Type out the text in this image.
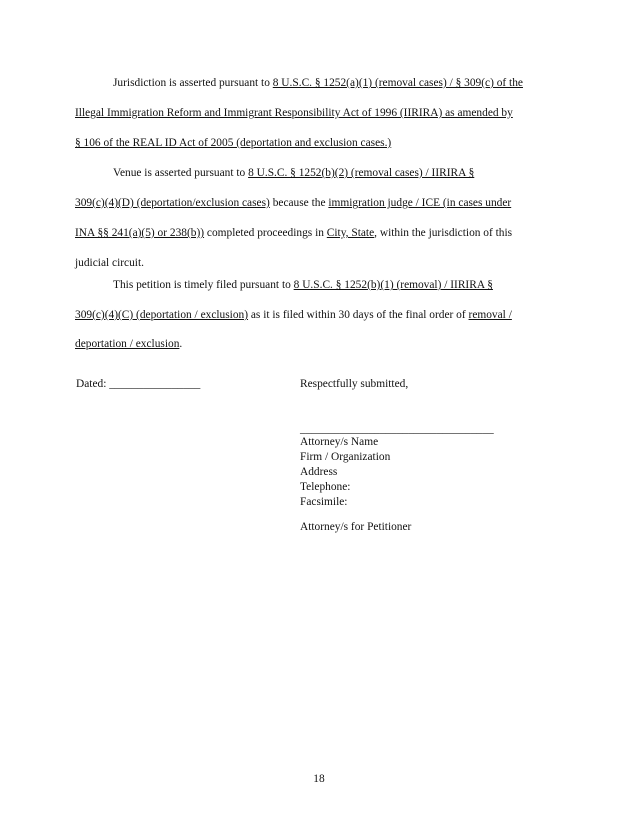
Jurisdiction is asserted pursuant to 8 U.S.C. § 1252(a)(1) (removal cases) / § 309(c) of the
Illegal Immigration Reform and Immigrant Responsibility Act of 1996 (IIRIRA) as amended by
§ 106 of the REAL ID Act of 2005 (deportation and exclusion cases.)
Venue is asserted pursuant to 8 U.S.C. § 1252(b)(2) (removal cases) / IIRIRA §
309(c)(4)(D) (deportation/exclusion cases) because the immigration judge / ICE (in cases under
INA §§ 241(a)(5) or 238(b)) completed proceedings in City, State, within the jurisdiction of this
judicial circuit.
This petition is timely filed pursuant to 8 U.S.C. § 1252(b)(1) (removal) / IIRIRA §
309(c)(4)(C) (deportation / exclusion) as it is filed within 30 days of the final order of removal /
deportation / exclusion.
Dated: ________________	Respectfully submitted,
__________________________________
Attorney/s Name
Firm / Organization
Address
Telephone:
Facsimile:
Attorney/s for Petitioner
18
